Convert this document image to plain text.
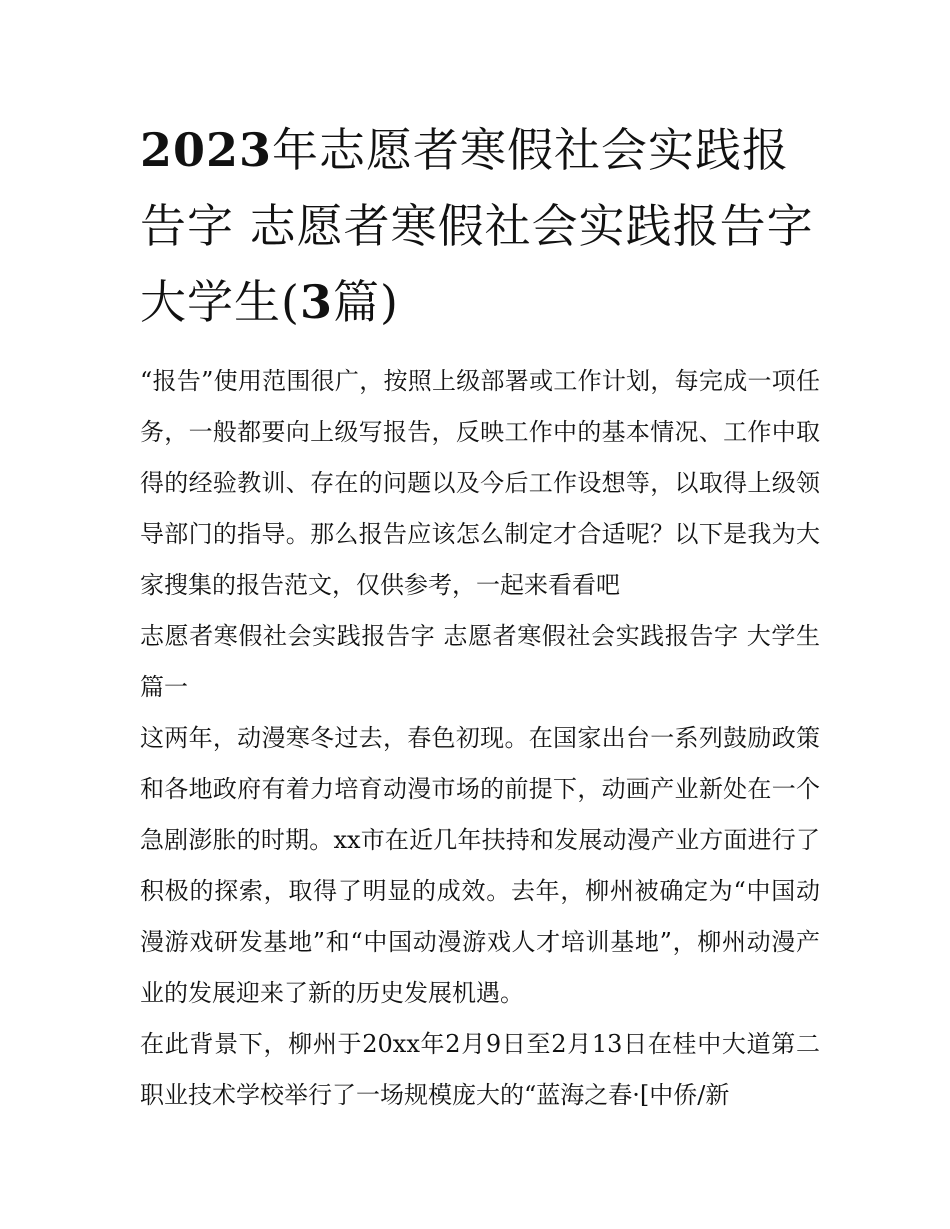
2023年志愿者寒假社会实践报告字 志愿者寒假社会实践报告字 大学生(3篇)

“报告”使用范围很广，按照上级部署或工作计划，每完成一项任务，一般都要向上级写报告，反映工作中的基本情况、工作中取得的经验教训、存在的问题以及今后工作设想等，以取得上级领导部门的指导。那么报告应该怎么制定才合适呢？以下是我为大家搜集的报告范文，仅供参考，一起来看看吧

志愿者寒假社会实践报告字 志愿者寒假社会实践报告字 大学生篇一

这两年，动漫寒冬过去，春色初现。在国家出台一系列鼓励政策和各地政府有着力培育动漫市场的前提下，动画产业新处在一个急剧澎胀的时期。xx市在近几年扶持和发展动漫产业方面进行了积极的探索，取得了明显的成效。去年，柳州被确定为“中国动漫游戏研发基地”和“中国动漫游戏人才培训基地”，柳州动漫产业的发展迎来了新的历史发展机遇。

在此背景下，柳州于20xx年2月9日至2月13日在桂中大道第二职业技术学校举行了一场规模庞大的“蓝海之春·[中侨/新
